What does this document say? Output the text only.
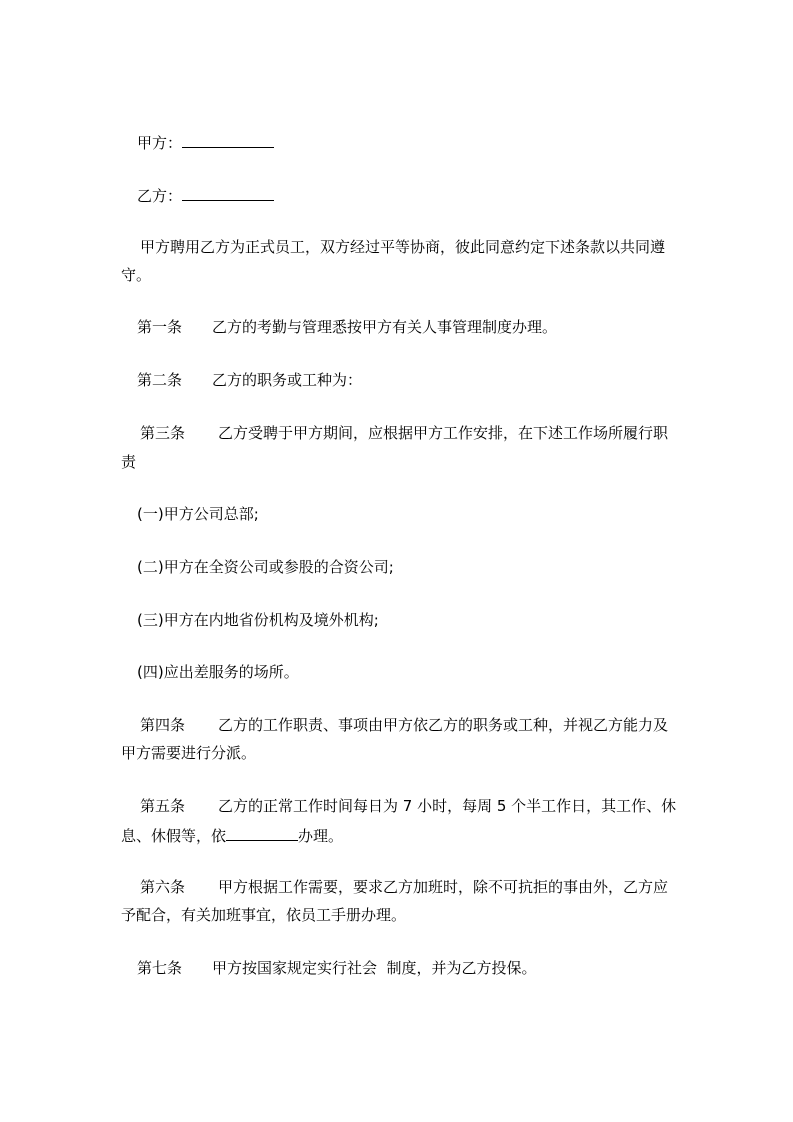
甲方：

乙方：

甲方聘用乙方为正式员工，双方经过平等协商，彼此同意约定下述条款以共同遵

守。

第一条 乙方的考勤与管理悉按甲方有关人事管理制度办理。

第二条 乙方的职务或工种为：

第三条 乙方受聘于甲方期间，应根据甲方工作安排，在下述工作场所履行职

责

(一)甲方公司总部;

(二)甲方在全资公司或参股的合资公司;

(三)甲方在内地省份机构及境外机构;

(四)应出差服务的场所。

第四条 乙方的工作职责、事项由甲方依乙方的职务或工种，并视乙方能力及

甲方需要进行分派。

第五条 乙方的正常工作时间每日为 7 小时，每周 5 个半工作日，其工作、休

息、休假等，依	办理。

第六条 甲方根据工作需要，要求乙方加班时，除不可抗拒的事由外，乙方应

予配合，有关加班事宜，依员工手册办理。

第七条 甲方按国家规定实行社会  制度，并为乙方投保。
